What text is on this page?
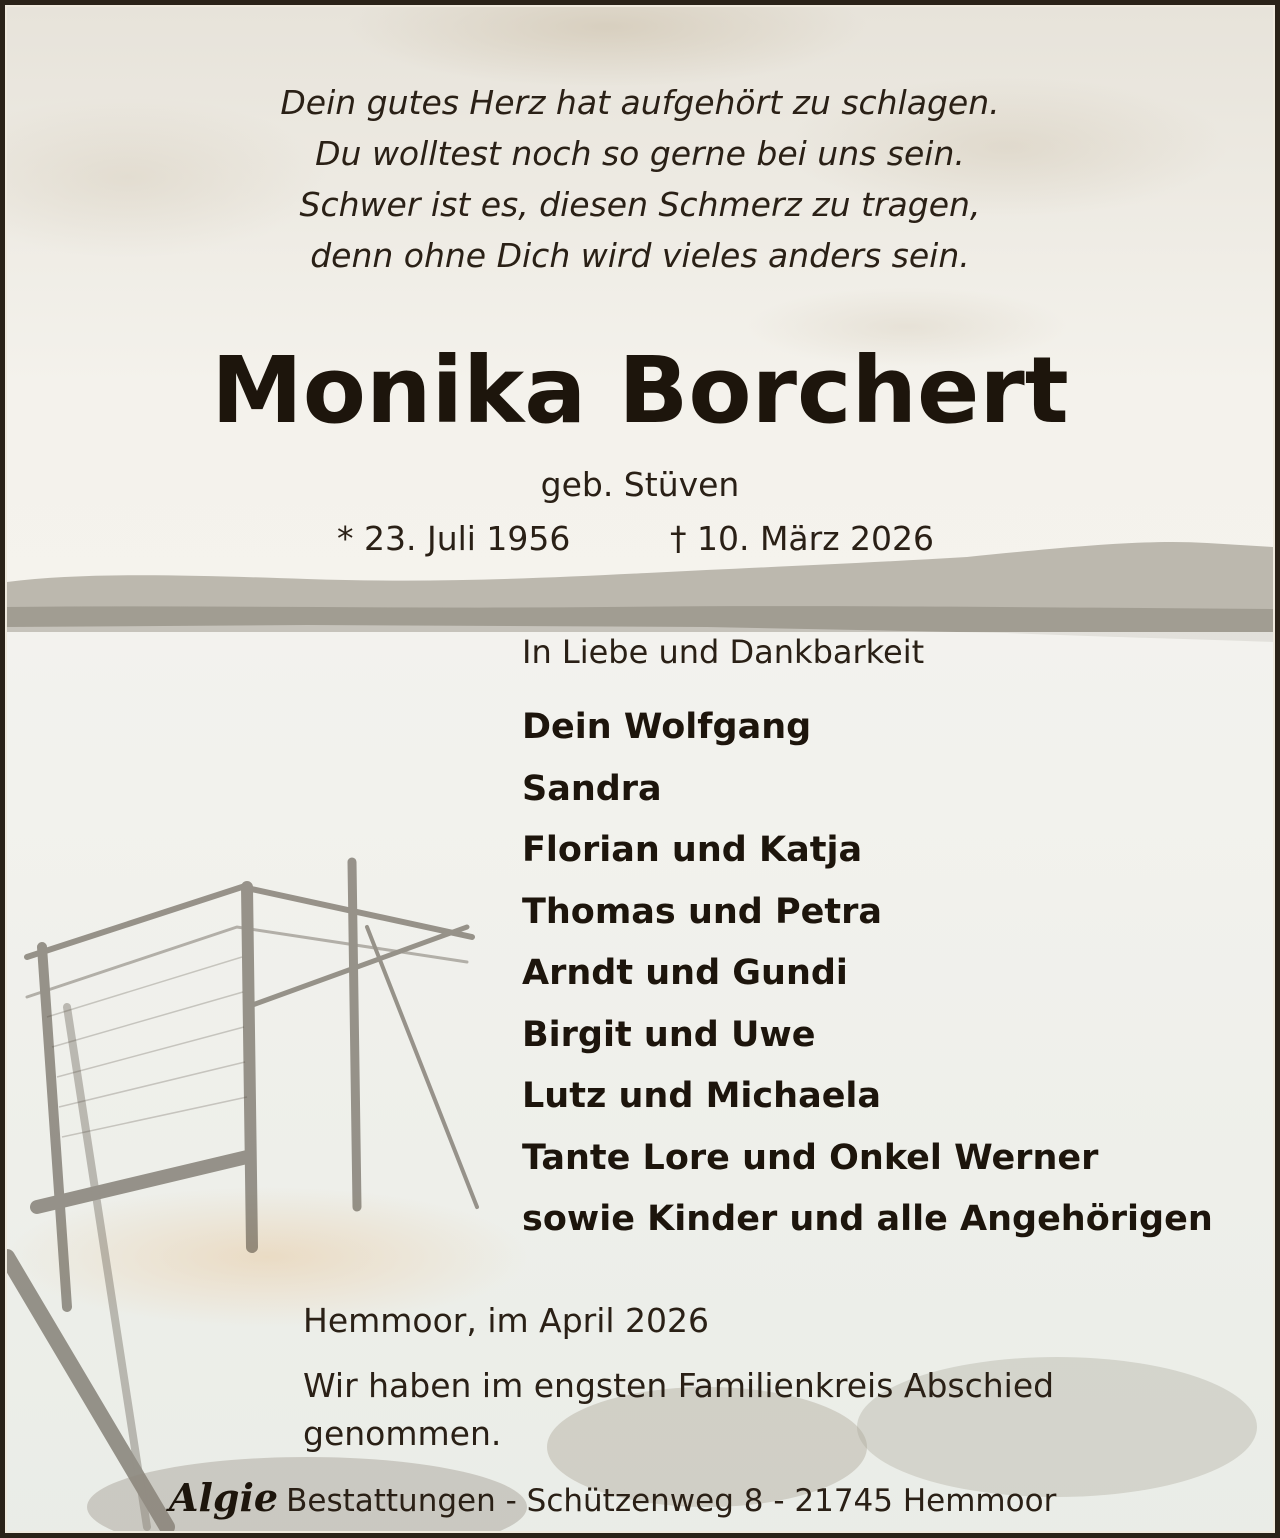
Dein gutes Herz hat aufgehört zu schlagen.
Du wolltest noch so gerne bei uns sein.
Schwer ist es, diesen Schmerz zu tragen,
denn ohne Dich wird vieles anders sein.
Monika Borchert
geb. Stüven
* 23. Juli 1956	† 10. März 2026
In Liebe und Dankbarkeit
Dein Wolfgang
Sandra
Florian und Katja
Thomas und Petra
Arndt und Gundi
Birgit und Uwe
Lutz und Michaela
Tante Lore und Onkel Werner
sowie Kinder und alle Angehörigen
Hemmoor, im April 2026
Wir haben im engsten Familienkreis Abschied genommen.
Algie Bestattungen - Schützenweg 8 - 21745 Hemmoor
